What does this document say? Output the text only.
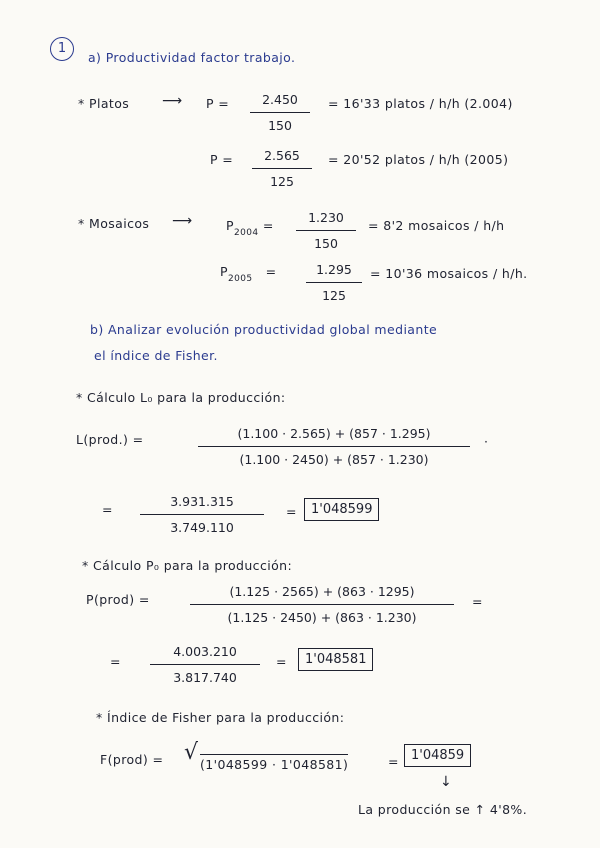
1
a) Productividad factor trabajo.
* Platos ⟶ P =	2.450
150
= 16'33 platos / h/h (2.004)
P =	2.565
125
= 20'52 platos / h/h (2005)
* Mosaicos ⟶	$P_{2004}$ =
1.230
150
= 8'2 mosaicos / h/h
$P_{2005}$ =	1.295
125
= 10'36 mosaicos / h/h.
b) Analizar evolución productividad global mediante
el índice de Fisher.
* Cálculo L₀ para la producción:
L(prod.) =	(1.100 · 2.565) + (857 · 1.295)
(1.100 · 2450) + (857 · 1.230)
·
=
3.931.315
3.749.110
=	1'048599
* Cálculo P₀ para la producción:
P(prod) =
(1.125 · 2565) + (863 · 1295)
(1.125 · 2450) + (863 · 1.230)
=
=
4.003.210
3.817.740
=	1'048581
* Índice de Fisher para la producción:
F(prod) = √ (1'048599 · 1'048581)	= 1'04859
↓
La producción se ↑ 4'8%.
